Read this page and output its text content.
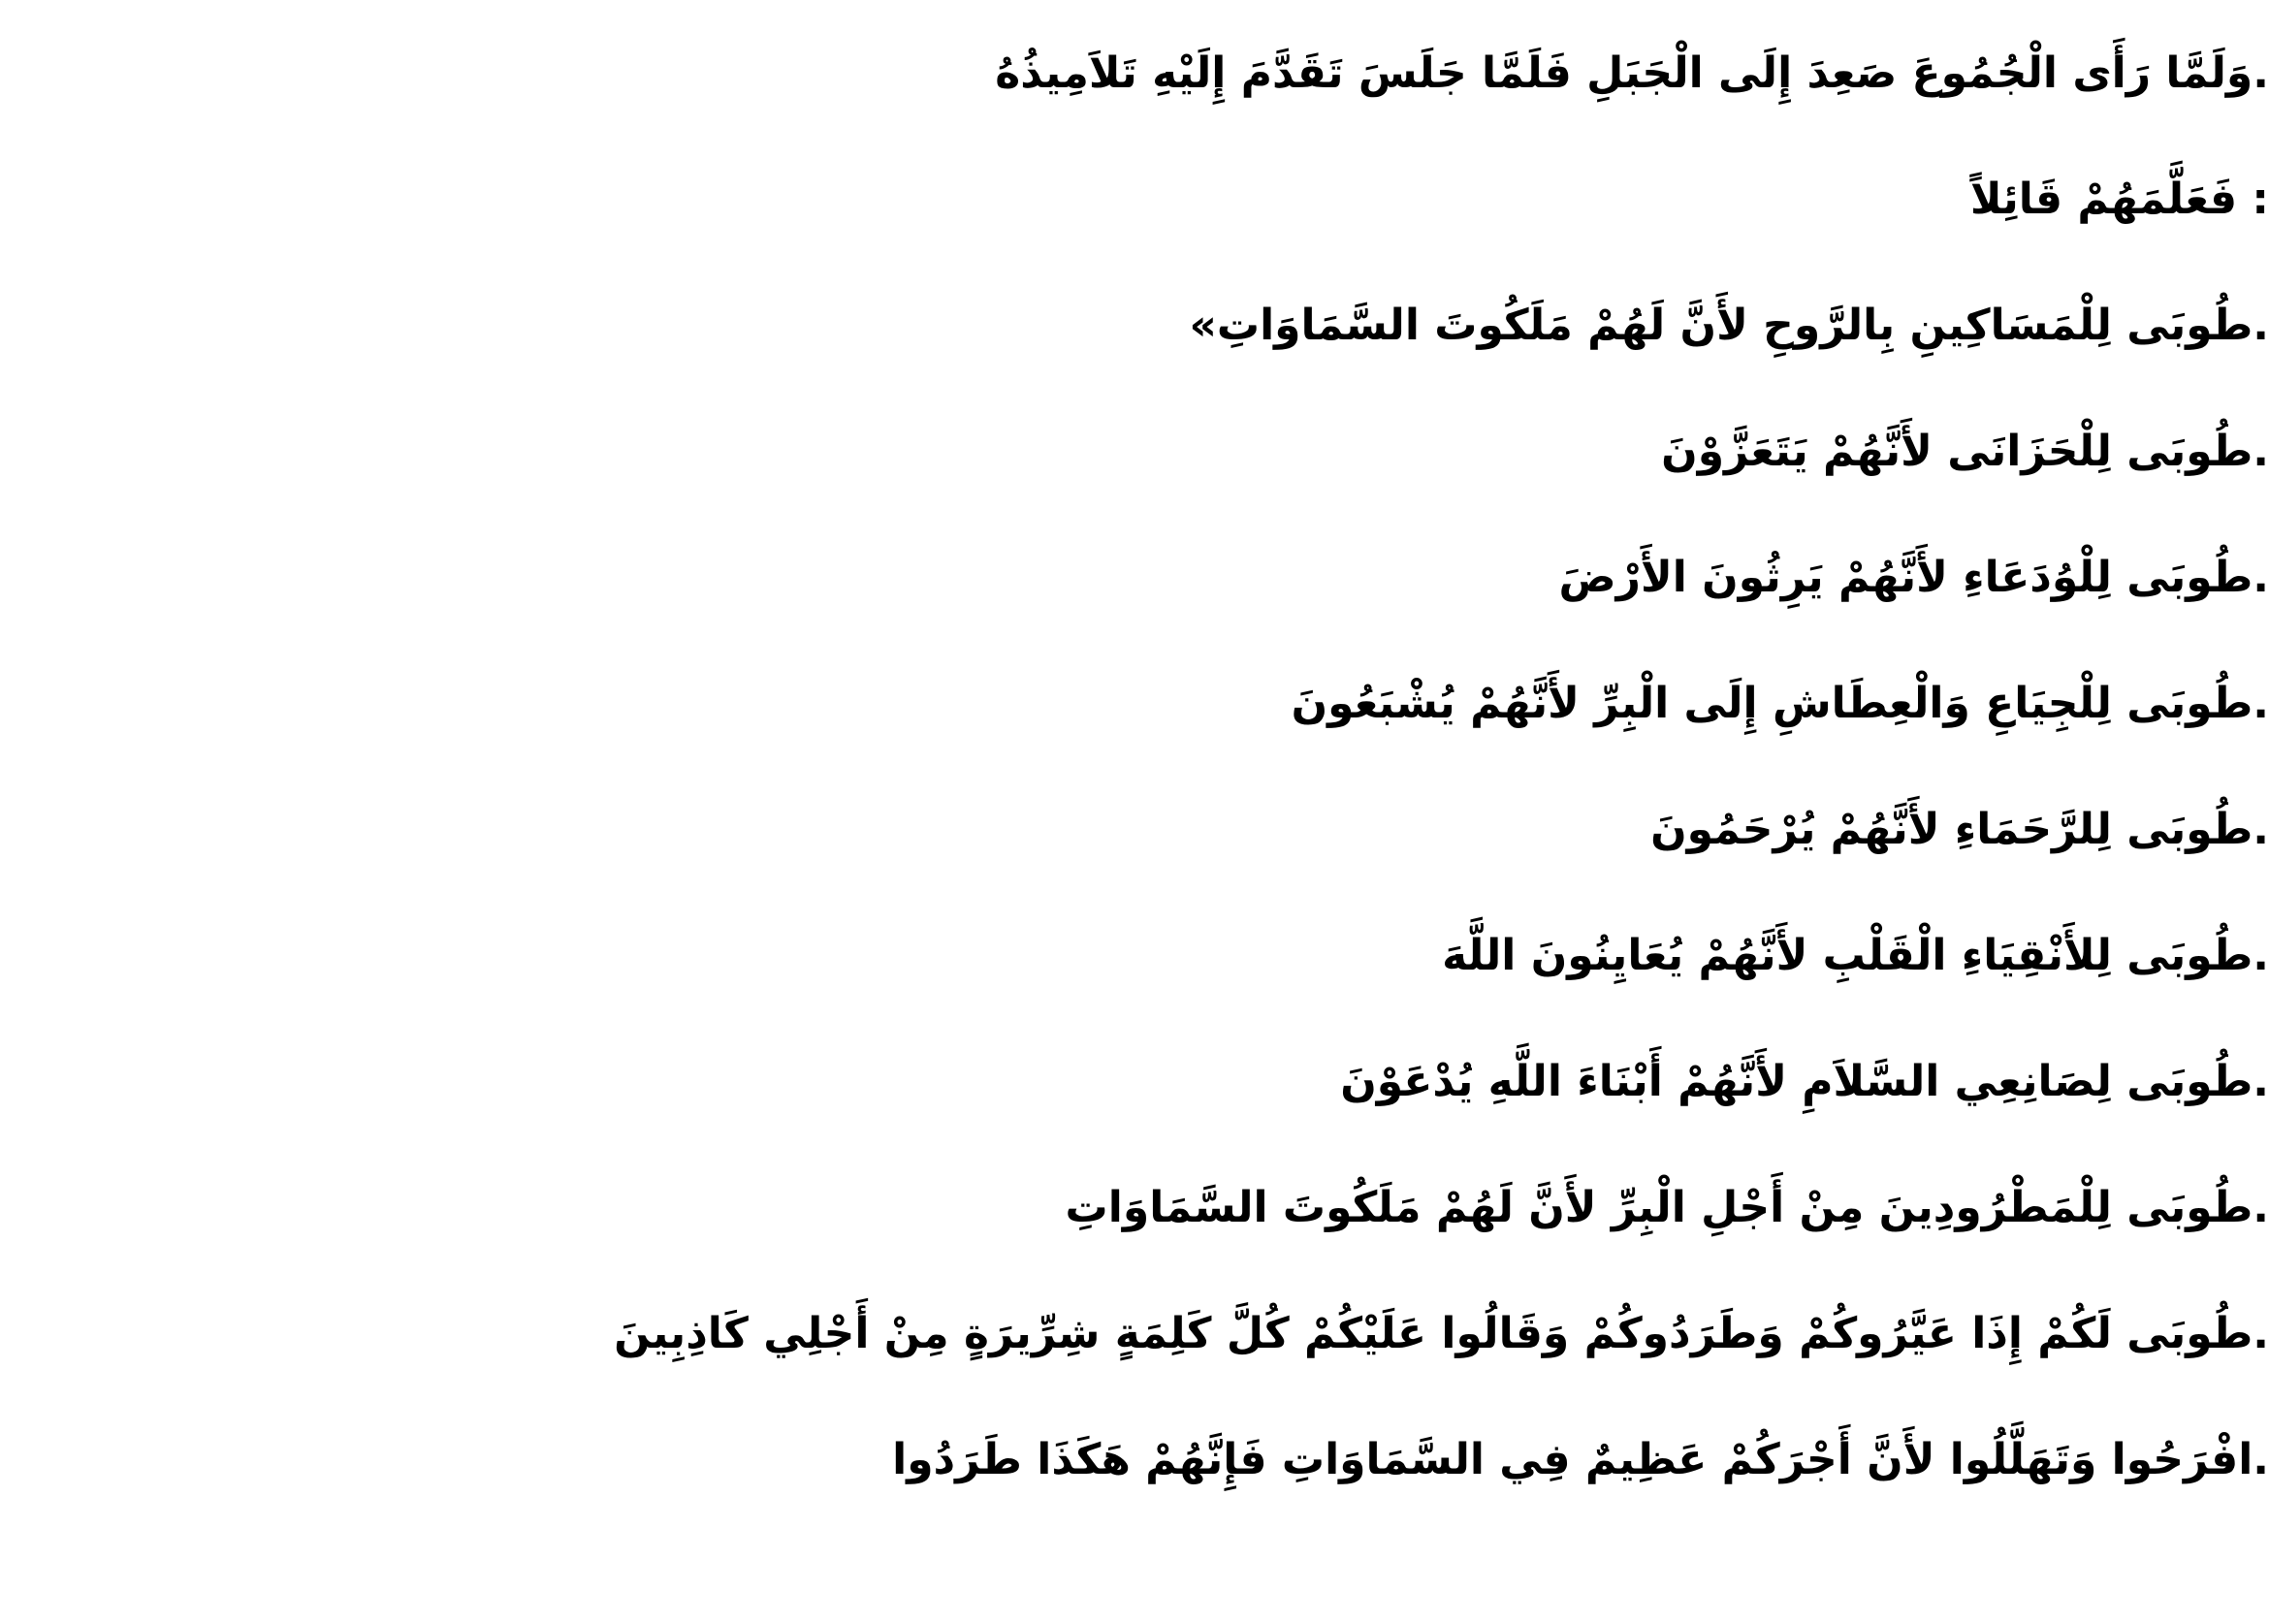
.وَلَمَّا رَأَى الْجُمُوعَ صَعِدَ إِلَى الْجَبَلِ فَلَمَّا جَلَسَ تَقَدَّمَ إِلَيْهِ تَلاَمِيذُهُ

: فَعَلَّمَهُمْ قَائِلاً

.طُوبَى لِلْمَسَاكِينِ بِالرَّوحِ لأَنَّ لَهُمْ مَلَكُوتَ السَّمَاوَاتِ»

.طُوبَى لِلْحَزَانَى لأَنَّهُمْ يَتَعَزَّوْنَ

.طُوبَى لِلْوُدَعَاءِ لأَنَّهُمْ يَرِثُونَ الأَرْضَ

.طُوبَى لِلْجِيَاعِ وَالْعِطَاشِ إِلَى الْبِرِّ لأَنَّهُمْ يُشْبَعُونَ

.طُوبَى لِلرَّحَمَاءِ لأَنَّهُمْ يُرْحَمُونَ

.طُوبَى لِلأَنْقِيَاءِ الْقَلْبِ لأَنَّهُمْ يُعَايِنُونَ اللَّهَ

.طُوبَى لِصَانِعِي السَّلاَمِ لأَنَّهُمْ أَبْنَاءَ اللَّهِ يُدْعَوْنَ

.طُوبَى لِلْمَطْرُودِينَ مِنْ أَجْلِ الْبِرِّ لأَنَّ لَهُمْ مَلَكُوتَ السَّمَاوَاتِ

.طُوبَى لَكُمْ إِذَا عَيَّرُوكُمْ وَطَرَدُوكُمْ وَقَالُوا عَلَيْكُمْ كُلَّ كَلِمَةٍ شِرِّيرَةٍ مِنْ أَجْلِي كَاذِبِينَ

.افْرَحُوا وَتَهَلَّلُوا لأَنَّ أَجْرَكُمْ عَظِيمٌ فِي السَّمَاوَاتِ فَإِنَّهُمْ هَكَذَا طَرَدُوا
